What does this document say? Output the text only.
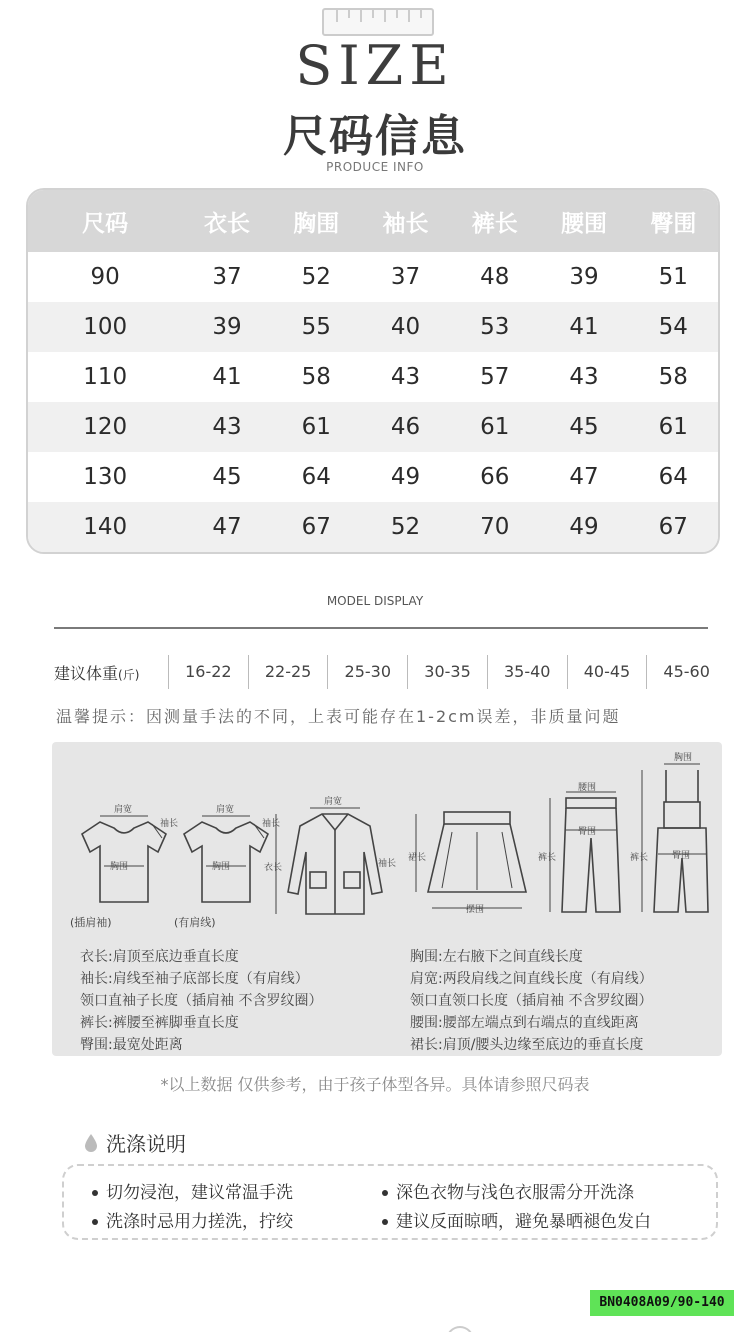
SIZE
尺码信息
PRODUCE INFO
尺码	衣长	胸围	袖长	裤长	腰围	臀围
90	37	52	37	48	39	51
100	39	55	40	53	41	54
110	41	58	43	57	43	58
120	43	61	46	61	45	61
130	45	64	49	66	47	64
140	47	67	52	70	49	67
MODEL DISPLAY
建议体重(斤)	16-22	22-25	25-30	30-35	35-40	40-45	45-60
温馨提示：因测量手法的不同，上表可能存在1-2cm误差，非质量问题
肩宽
胸围
袖长
(插肩袖)
肩宽
胸围
袖长
(有肩线)
肩宽
衣长	袖长
裙长
摆围
腰围
臀围
裤长
胸围
臀围
裤长
衣长:肩顶至底边垂直长度
袖长:肩线至袖子底部长度（有肩线）
领口直袖子长度（插肩袖 不含罗纹圈）
裤长:裤腰至裤脚垂直长度
臀围:最宽处距离
胸围:左右腋下之间直线长度
肩宽:两段肩线之间直线长度（有肩线）
领口直领口长度（插肩袖 不含罗纹圈）
腰围:腰部左端点到右端点的直线距离
裙长:肩顶/腰头边缘至底边的垂直长度
*以上数据 仅供参考，由于孩子体型各异。具体请参照尺码表
洗涤说明
切勿浸泡，建议常温手洗	深色衣物与浅色衣服需分开洗涤
洗涤时忌用力搓洗，拧绞	建议反面晾晒，避免暴晒褪色发白
BN0408A09/90-140
